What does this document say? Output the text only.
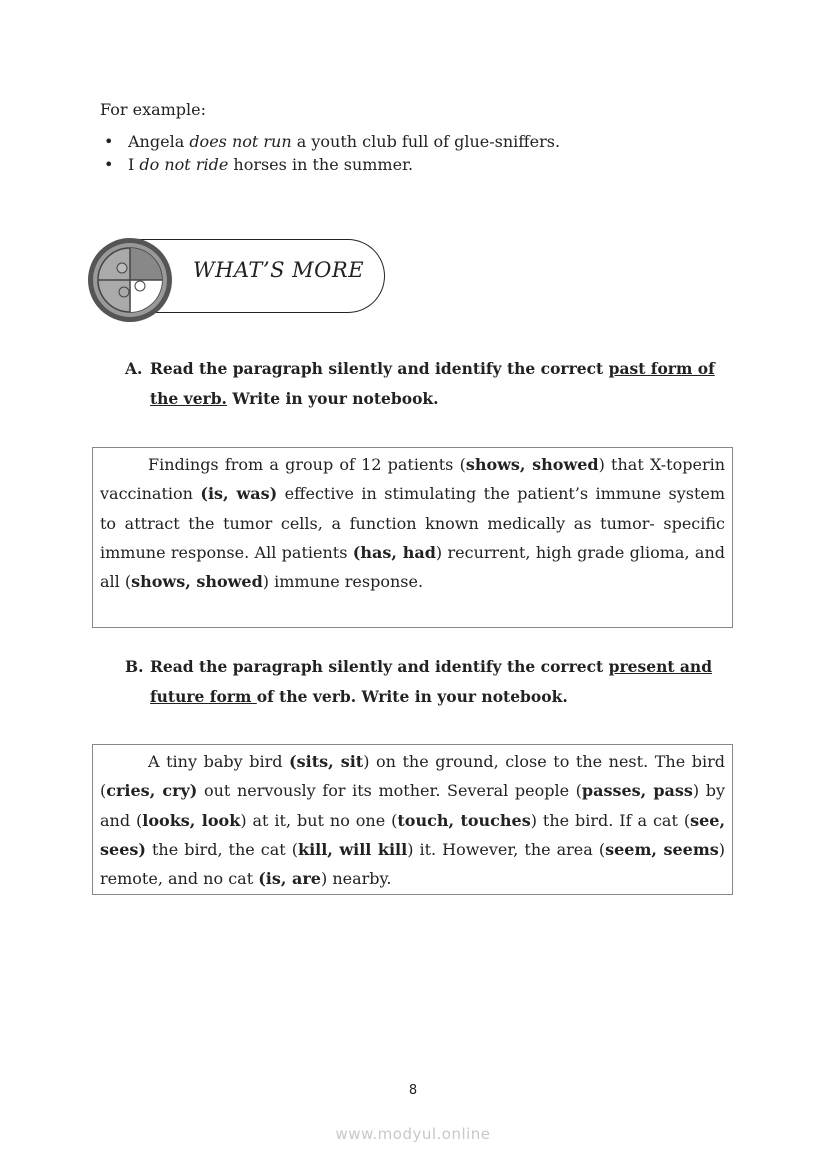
For example:
• Angela does not run a youth club full of glue-sniffers.
• I do not ride horses in the summer.
WHAT’S MORE
A. Read the paragraph silently and identify the correct past form of the verb. Write in your notebook.

Findings from a group of 12 patients (shows, showed) that X-toperin vaccination (is, was) effective in stimulating the patient’s immune system to attract the tumor cells, a function known medically as tumor- specific immune response. All patients (has, had) recurrent, high grade glioma, and all (shows, showed) immune response.

B. Read the paragraph silently and identify the correct present and future form of the verb. Write in your notebook.

A tiny baby bird (sits, sit) on the ground, close to the nest. The bird (cries, cry) out nervously for its mother. Several people (passes, pass) by and (looks, look) at it, but no one (touch, touches) the bird. If a cat (see, sees) the bird, the cat (kill, will kill) it. However, the area (seem, seems) remote, and no cat (is, are) nearby.

8
www.modyul.online
